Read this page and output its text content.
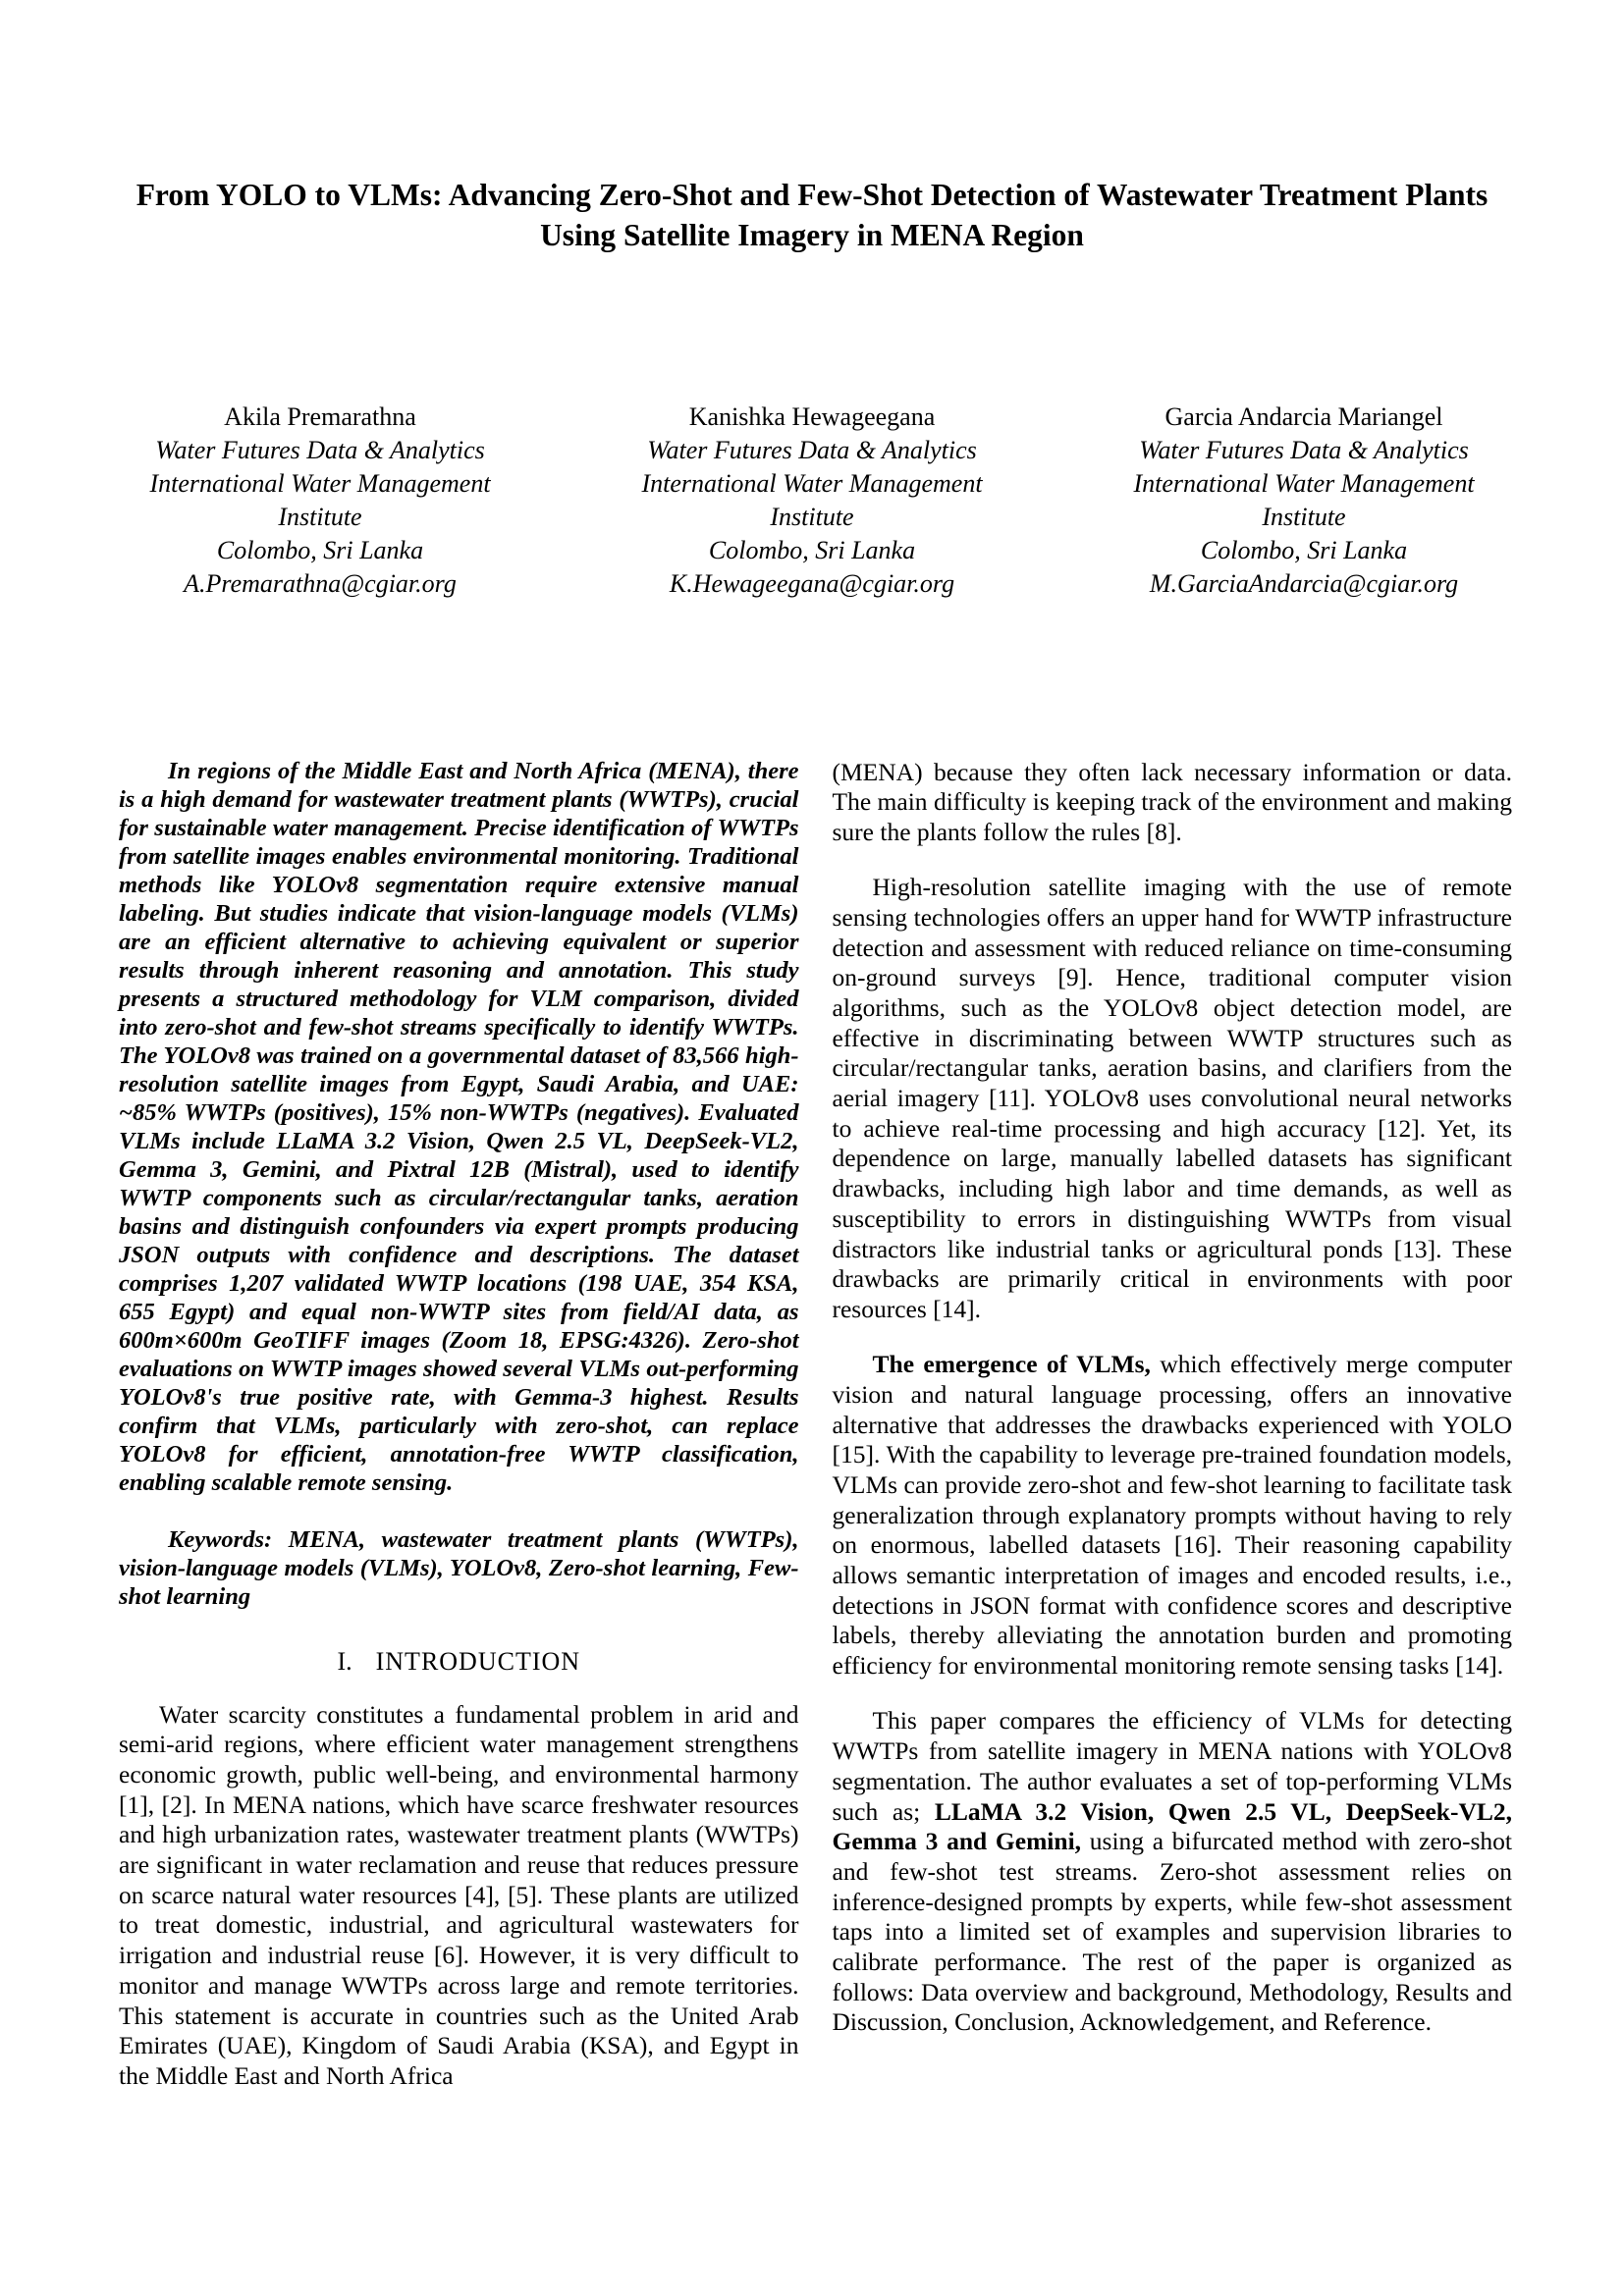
From YOLO to VLMs: Advancing Zero-Shot and Few-Shot Detection of Wastewater Treatment Plants Using Satellite Imagery in MENA Region
Akila Premarathna
Water Futures Data & Analytics
International Water Management
Institute
Colombo, Sri Lanka
A.Premarathna@cgiar.org
Kanishka Hewageegana
Water Futures Data & Analytics
International Water Management
Institute
Colombo, Sri Lanka
K.Hewageegana@cgiar.org
Garcia Andarcia Mariangel
Water Futures Data & Analytics
International Water Management
Institute
Colombo, Sri Lanka
M.GarciaAndarcia@cgiar.org

In regions of the Middle East and North Africa (MENA), there is a high demand for wastewater treatment plants (WWTPs), crucial for sustainable water management. Precise identification of WWTPs from satellite images enables environmental monitoring. Traditional methods like YOLOv8 segmentation require extensive manual labeling. But studies indicate that vision-language models (VLMs) are an efficient alternative to achieving equivalent or superior results through inherent reasoning and annotation. This study presents a structured methodology for VLM comparison, divided into zero-shot and few-shot streams specifically to identify WWTPs. The YOLOv8 was trained on a governmental dataset of 83,566 high-resolution satellite images from Egypt, Saudi Arabia, and UAE: ~85% WWTPs (positives), 15% non-WWTPs (negatives). Evaluated VLMs include LLaMA 3.2 Vision, Qwen 2.5 VL, DeepSeek-VL2, Gemma 3, Gemini, and Pixtral 12B (Mistral), used to identify WWTP components such as circular/rectangular tanks, aeration basins and distinguish confounders via expert prompts producing JSON outputs with confidence and descriptions. The dataset comprises 1,207 validated WWTP locations (198 UAE, 354 KSA, 655 Egypt) and equal non-WWTP sites from field/AI data, as 600m×600m GeoTIFF images (Zoom 18, EPSG:4326). Zero-shot evaluations on WWTP images showed several VLMs out-performing YOLOv8's true positive rate, with Gemma-3 highest. Results confirm that VLMs, particularly with zero-shot, can replace YOLOv8 for efficient, annotation-free WWTP classification, enabling scalable remote sensing.

Keywords: MENA, wastewater treatment plants (WWTPs), vision-language models (VLMs), YOLOv8, Zero-shot learning, Few-shot learning

I. INTRODUCTION

Water scarcity constitutes a fundamental problem in arid and semi-arid regions, where efficient water management strengthens economic growth, public well-being, and environmental harmony [1], [2]. In MENA nations, which have scarce freshwater resources and high urbanization rates, wastewater treatment plants (WWTPs) are significant in water reclamation and reuse that reduces pressure on scarce natural water resources [4], [5]. These plants are utilized to treat domestic, industrial, and agricultural wastewaters for irrigation and industrial reuse [6]. However, it is very difficult to monitor and manage WWTPs across large and remote territories. This statement is accurate in countries such as the United Arab Emirates (UAE), Kingdom of Saudi Arabia (KSA), and Egypt in the Middle East and North Africa

(MENA) because they often lack necessary information or data. The main difficulty is keeping track of the environment and making sure the plants follow the rules [8].

High-resolution satellite imaging with the use of remote sensing technologies offers an upper hand for WWTP infrastructure detection and assessment with reduced reliance on time-consuming on-ground surveys [9]. Hence, traditional computer vision algorithms, such as the YOLOv8 object detection model, are effective in discriminating between WWTP structures such as circular/rectangular tanks, aeration basins, and clarifiers from the aerial imagery [11]. YOLOv8 uses convolutional neural networks to achieve real-time processing and high accuracy [12]. Yet, its dependence on large, manually labelled datasets has significant drawbacks, including high labor and time demands, as well as susceptibility to errors in distinguishing WWTPs from visual distractors like industrial tanks or agricultural ponds [13]. These drawbacks are primarily critical in environments with poor resources [14].

The emergence of VLMs, which effectively merge computer vision and natural language processing, offers an innovative alternative that addresses the drawbacks experienced with YOLO [15]. With the capability to leverage pre-trained foundation models, VLMs can provide zero-shot and few-shot learning to facilitate task generalization through explanatory prompts without having to rely on enormous, labelled datasets [16]. Their reasoning capability allows semantic interpretation of images and encoded results, i.e., detections in JSON format with confidence scores and descriptive labels, thereby alleviating the annotation burden and promoting efficiency for environmental monitoring remote sensing tasks [14].

This paper compares the efficiency of VLMs for detecting WWTPs from satellite imagery in MENA nations with YOLOv8 segmentation. The author evaluates a set of top-performing VLMs such as; LLaMA 3.2 Vision, Qwen 2.5 VL, DeepSeek-VL2, Gemma 3 and Gemini, using a bifurcated method with zero-shot and few-shot test streams. Zero-shot assessment relies on inference-designed prompts by experts, while few-shot assessment taps into a limited set of examples and supervision libraries to calibrate performance. The rest of the paper is organized as follows: Data overview and background, Methodology, Results and Discussion, Conclusion, Acknowledgement, and Reference.
